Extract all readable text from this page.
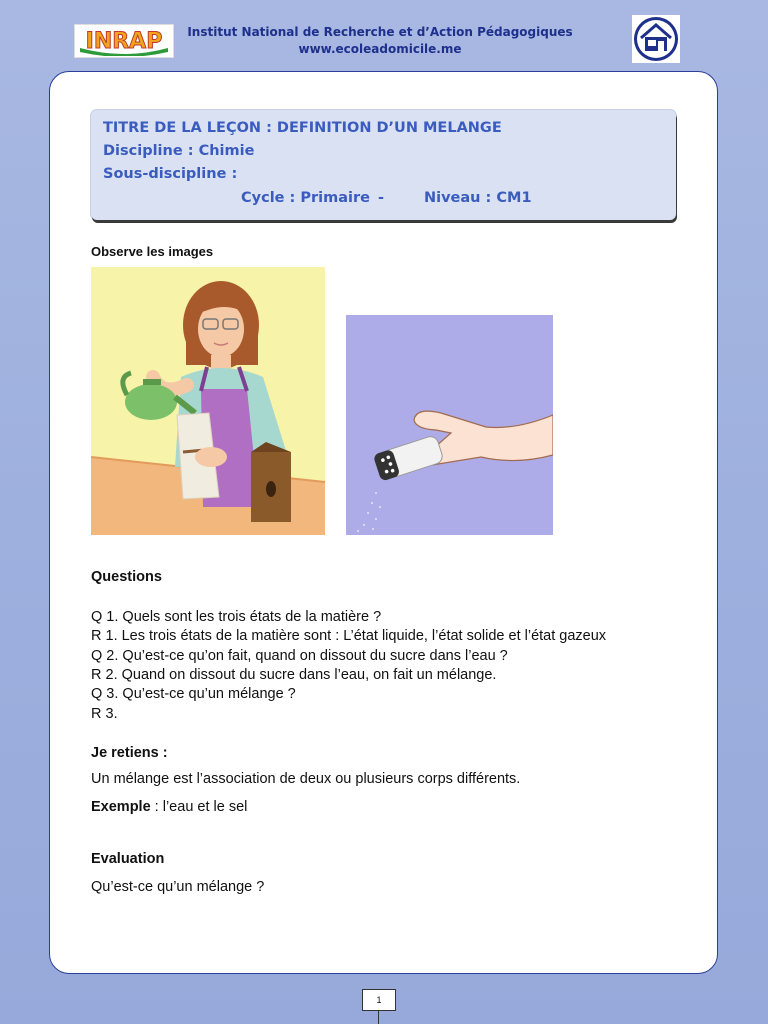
INRAP	Institut National de Recherche et d’Action Pédagogiques
www.ecoleadomicile.me
TITRE DE LA LEÇON : DEFINITION D’UN MELANGE
Discipline : Chimie
Sous-discipline :
Cycle : Primaire -	Niveau : CM1
Observe les images
Questions
Q 1. Quels sont les trois états de la matière ?
R 1. Les trois états de la matière sont : L’état liquide, l’état solide et l’état gazeux
Q 2. Qu’est-ce qu’on fait, quand on dissout du sucre dans l’eau ?
R 2. Quand on dissout du sucre dans l’eau, on fait un mélange.
Q 3. Qu’est-ce qu’un mélange ?
R 3.
Je retiens :
Un mélange est l’association de deux ou plusieurs corps différents.
Exemple : l’eau et le sel
Evaluation
Qu’est-ce qu’un mélange ?
1
